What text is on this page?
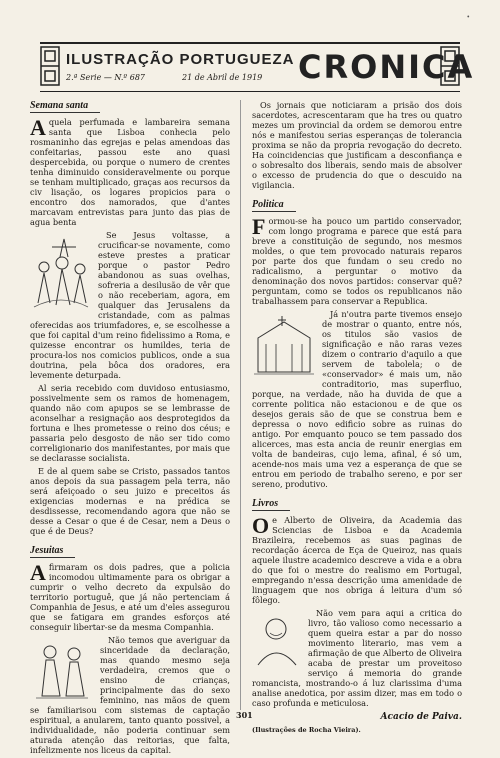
•
ILUSTRAÇÃO PORTUGUEZA
2.ª Serie — N.º 687	21 de Abril de 1919 CRONICA
Semana santa

A quela perfumada e lambareira semana santa que Lisboa conhecia pelo rosmaninho das egrejas e pelas amendoas das confeitarias, passou este ano quasi despercebida, ou porque o numero de crentes tenha diminuido consideravelmente ou porque se tenham multiplicado, graças aos recursos da civ lisação, os logares propicios para o encontro dos namorados, que d'antes marcavam entrevistas para junto das pias de agua benta

Se Jesus voltasse, a crucificar-se novamente, como esteve prestes a praticar porque o pastor Pedro abandonou as suas ovelhas, sofreria a desilusão de vêr que o não receberiam, agora, em qualquer das Jerusalens da cristandade, com as palmas oferecidas aos triumfadores, e, se escolhesse a que foi capital d'um reino fidelissimo a Roma, e quizesse encontrar os humildes, teria de procura-los nos comicios publicos, onde a sua doutrina, pela bôca dos oradores, era levemente deturpada.

Al seria recebido com duvidoso entusiasmo, possivelmente sem os ramos de homenagem, quando não com apupos se se lembrasse de aconselhar a resignação aos desprotegidos da fortuna e lhes prometesse o reino dos céus; e passaria pelo desgosto de não ser tido como correligionario dos manifestantes, por mais que se declarasse socialista.

E de al quem sabe se Cristo, passados tantos anos depois da sua passagem pela terra, não será afeiçoado o seu juizo e preceitos ás exigencias modernas e na prédica se desdissesse, recomendando agora que não se desse a Cesar o que é de Cesar, nem a Deus o que é de Deus?

Jesuitas

A firmaram os dois padres, que a policia incomodou ultimamente para os obrigar a cumprir o velho decreto da expulsão do territorio portuguê, que já não pertenciam á Companhia de Jesus, e até um d'eles assegurou que se fatigara em grandes esforços até conseguir libertar-se da mesma Companhia.

Não temos que averiguar da sinceridade da declaração, mas quando mesmo seja verdadeira, cremos que o ensino de crianças, principalmente das do sexo feminino, nas mãos de quem se familiarisou com sistemas de captação espiritual, a anularem, tanto quanto possivel, a individualidade, não poderia continuar sem aturada atenção das reitorias, que falta, infelizmente nos liceus da capital.

Os jornais que noticiaram a prisão dos dois sacerdotes, acrescentaram que ha tres ou quatro mezes um provincial da ordem se demorou entre nós e manifestou serias esperanças de tolerancia proxima se não da propria revogação do decreto. Ha coincidencias que justificam a desconfiança e o sobresalto dos liberais, sendo mais de absolver o excesso de prudencia do que o descuido na vigilancia.

Politica

F ormou-se ha pouco um partido conservador, com longo programa e parece que está para breve a constituição de segundo, nos mesmos moldes, o que tem provocado naturais reparos por parte dos que fundam o seu credo no radicalismo, a perguntar o motivo da denominação dos novos partidos: conservar quê? perguntam, como se todos os republicanos não trabalhassem para conservar a Republica.

Já n'outra parte tivemos ensejo de mostrar o quanto, entre nós, os titulos são vasios de significação e não raras vezes dizem o contrario d'aquilo a que servem de tabolela; o de «conservador» é mais um, não contraditorio, mas superfluo, porque, na verdade, não ha duvida de que a corrente politica não estacionou e de que os desejos gerais são de que se construa bem e depressa o novo edificio sobre as ruinas do antigo. Por emquanto pouco se tem passado dos alicerces, mas esta ancia de reunir energias em volta de bandeiras, cujo lema, afinal, é só um, acende-nos mais uma vez a esperança de que se entrou em periodo de trabalho sereno, e por ser sereno, produtivo.

Livros

O e Alberto de Oliveira, da Academia das Sciencias de Lisboa e da Academia Brazileira, recebemos as suas paginas de recordação ácerca de Eça de Queiroz, nas quais aquele ilustre academico descreve a vida e a obra do que foi o mestre do realismo em Portugal, empregando n'essa descrição uma amenidade de linguagem que nos obriga á leitura d'um só fôlego.

Não vem para aqui a critica do livro, tão valioso como necessario a quem queira estar a par do nosso movimento literario, mas vem a afirmação de que Alberto de Oliveira acaba de prestar um proveitoso serviço á memoria do grande romancista, mostrando-o á luz clarissima d'uma analise anedotica, por assim dizer, mas em todo o caso profunda e meticulosa.

Acacio de Paiva.
(Ilustrações de Rocha Vieira).
301
